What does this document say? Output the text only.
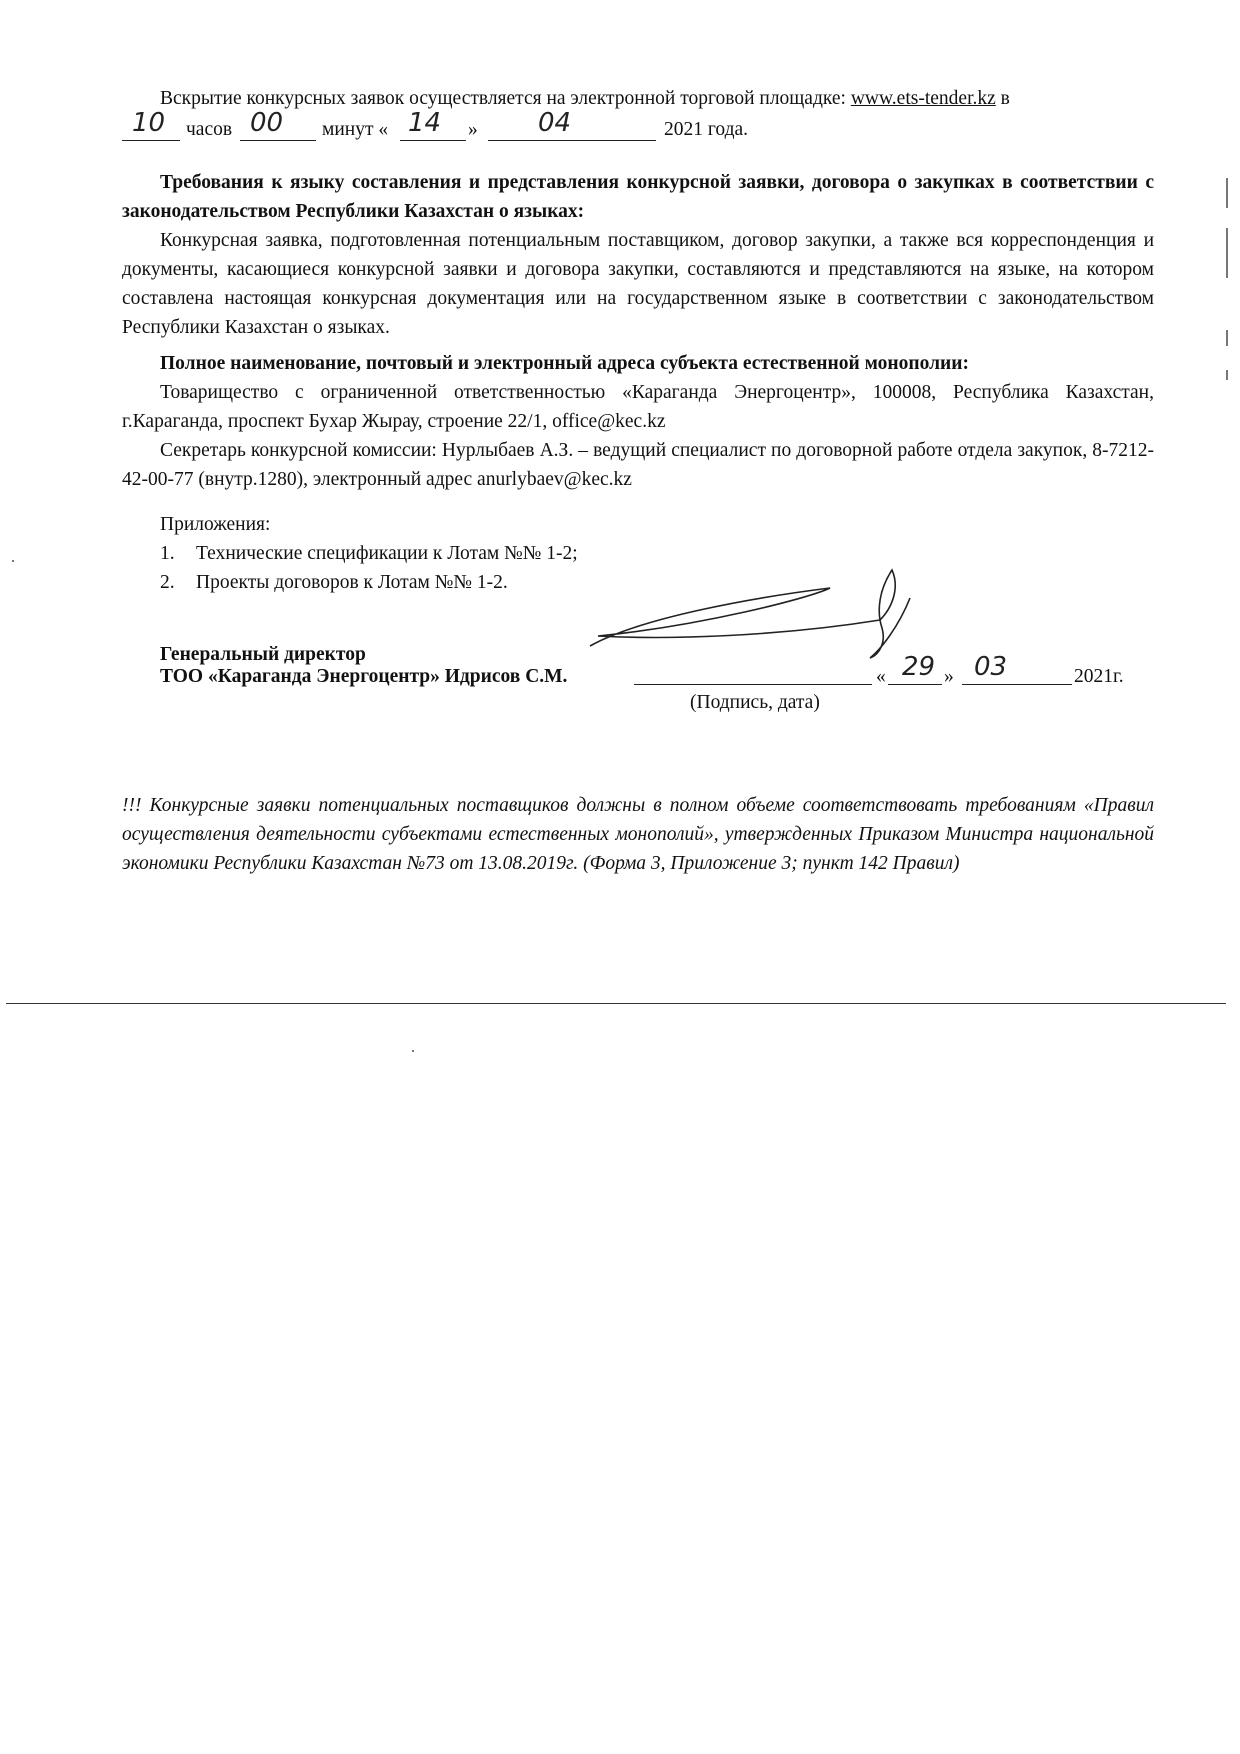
Вскрытие конкурсных заявок осуществляется на электронной торговой площадке: www.ets-tender.kz в

10 часов 00 минут « 14 » 04	2021 года.

Требования к языку составления и представления конкурсной заявки, договора о закупках в соответствии с законодательством Республики Казахстан о языках:

Конкурсная заявка, подготовленная потенциальным поставщиком, договор закупки, а также вся корреспонденция и документы, касающиеся конкурсной заявки и договора закупки, составляются и представляются на языке, на котором составлена настоящая конкурсная документация или на государственном языке в соответствии с законодательством Республики Казахстан о языках.

Полное наименование, почтовый и электронный адреса субъекта естественной монополии:

Товарищество с ограниченной ответственностью «Караганда Энергоцентр», 100008, Республика Казахстан, г.Караганда, проспект Бухар Жырау, строение 22/1, office@kec.kz

Секретарь конкурсной комиссии: Нурлыбаев А.З. – ведущий специалист по договорной работе отдела закупок, 8-7212-42-00-77 (внутр.1280), электронный адрес anurlybaev@kec.kz

Приложения:
1. Технические спецификации к Лотам №№ 1-2;
2. Проекты договоров к Лотам №№ 1-2.
Генеральный директор
ТОО «Караганда Энергоцентр» Идрисов С.М.	« 29 » 03	2021г.
(Подпись, дата)

!!! Конкурсные заявки потенциальных поставщиков должны в полном объеме соответствовать требованиям «Правил осуществления деятельности субъектами естественных монополий», утвержденных Приказом Министра национальной экономики Республики Казахстан №73 от 13.08.2019г. (Форма 3, Приложение 3; пункт 142 Правил)
